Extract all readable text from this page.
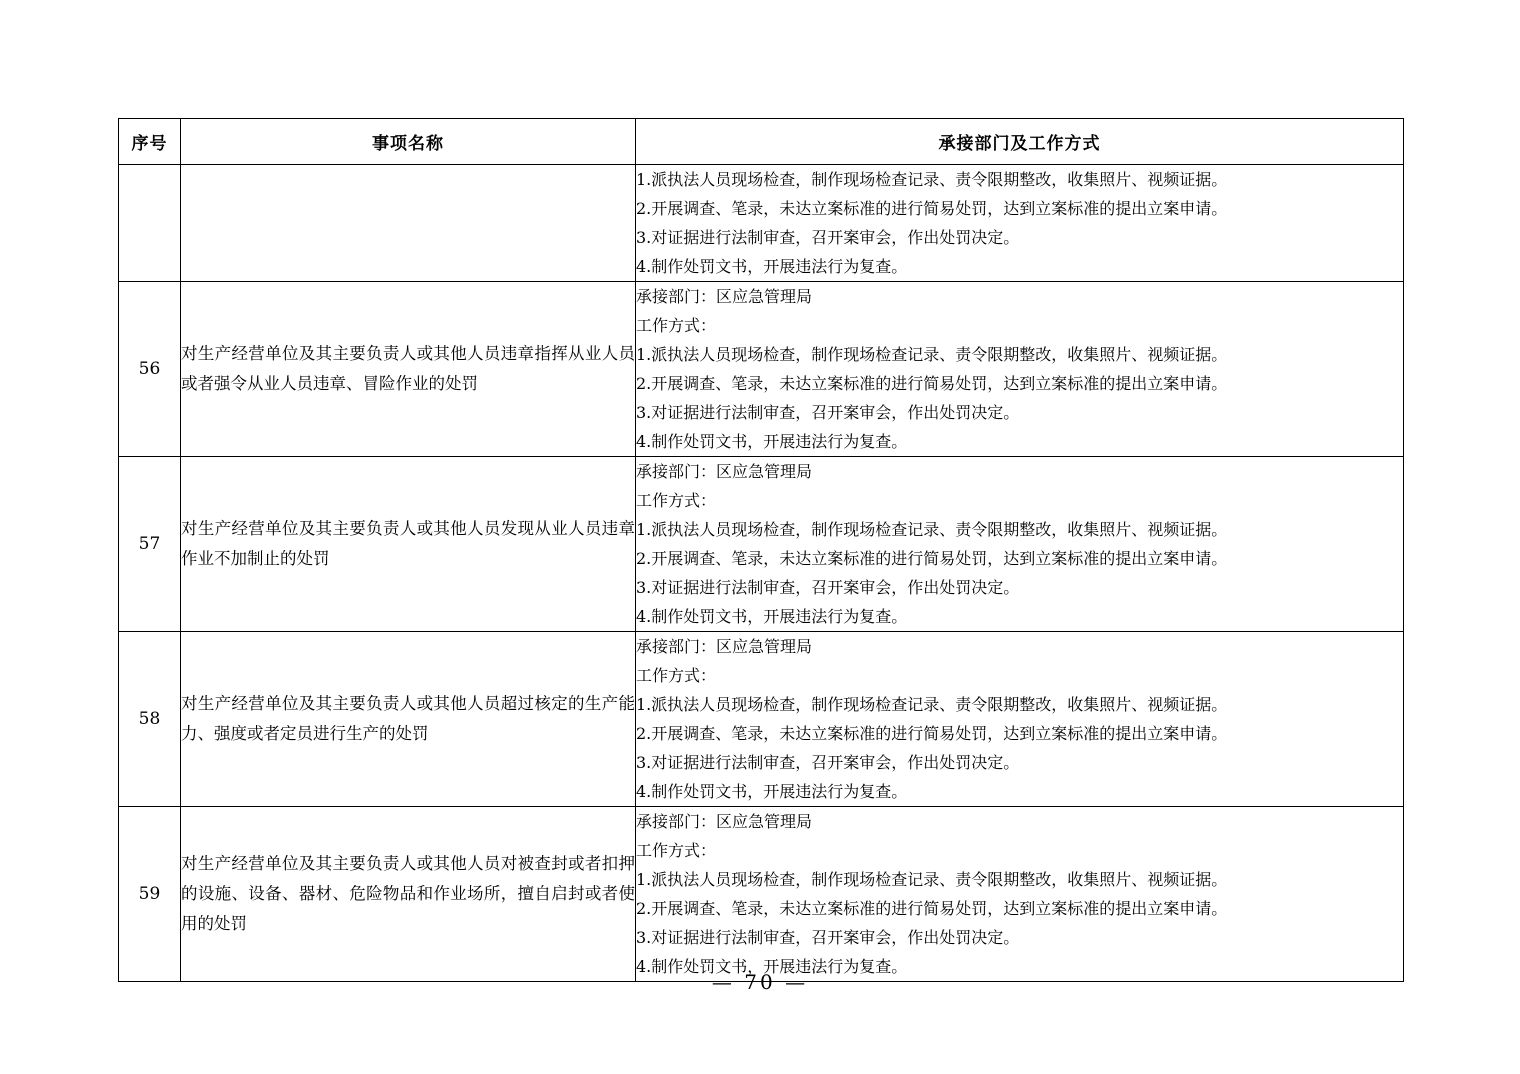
序号	事项名称	承接部门及工作方式

		1.派执法人员现场检查，制作现场检查记录、责令限期整改，收集照片、视频证据。
2.开展调查、笔录，未达立案标准的进行简易处罚，达到立案标准的提出立案申请。
3.对证据进行法制审查，召开案审会，作出处罚决定。
4.制作处罚文书，开展违法行为复查。

56	对生产经营单位及其主要负责人或其他人员违章指挥从业人员或者强令从业人员违章、冒险作业的处罚	
承接部门：区应急管理局
工作方式：
1.派执法人员现场检查，制作现场检查记录、责令限期整改，收集照片、视频证据。
2.开展调查、笔录，未达立案标准的进行简易处罚，达到立案标准的提出立案申请。
3.对证据进行法制审查，召开案审会，作出处罚决定。
4.制作处罚文书，开展违法行为复查。

57	对生产经营单位及其主要负责人或其他人员发现从业人员违章作业不加制止的处罚	
承接部门：区应急管理局
工作方式：
1.派执法人员现场检查，制作现场检查记录、责令限期整改，收集照片、视频证据。
2.开展调查、笔录，未达立案标准的进行简易处罚，达到立案标准的提出立案申请。
3.对证据进行法制审查，召开案审会，作出处罚决定。
4.制作处罚文书，开展违法行为复查。

58	对生产经营单位及其主要负责人或其他人员超过核定的生产能力、强度或者定员进行生产的处罚	
承接部门：区应急管理局
工作方式：
1.派执法人员现场检查，制作现场检查记录、责令限期整改，收集照片、视频证据。
2.开展调查、笔录，未达立案标准的进行简易处罚，达到立案标准的提出立案申请。
3.对证据进行法制审查，召开案审会，作出处罚决定。
4.制作处罚文书，开展违法行为复查。

59	对生产经营单位及其主要负责人或其他人员对被查封或者扣押的设施、设备、器材、危险物品和作业场所，擅自启封或者使用的处罚	
承接部门：区应急管理局
工作方式：
1.派执法人员现场检查，制作现场检查记录、责令限期整改，收集照片、视频证据。
2.开展调查、笔录，未达立案标准的进行简易处罚，达到立案标准的提出立案申请。
3.对证据进行法制审查，召开案审会，作出处罚决定。
4.制作处罚文书，开展违法行为复查。
— 70 —
